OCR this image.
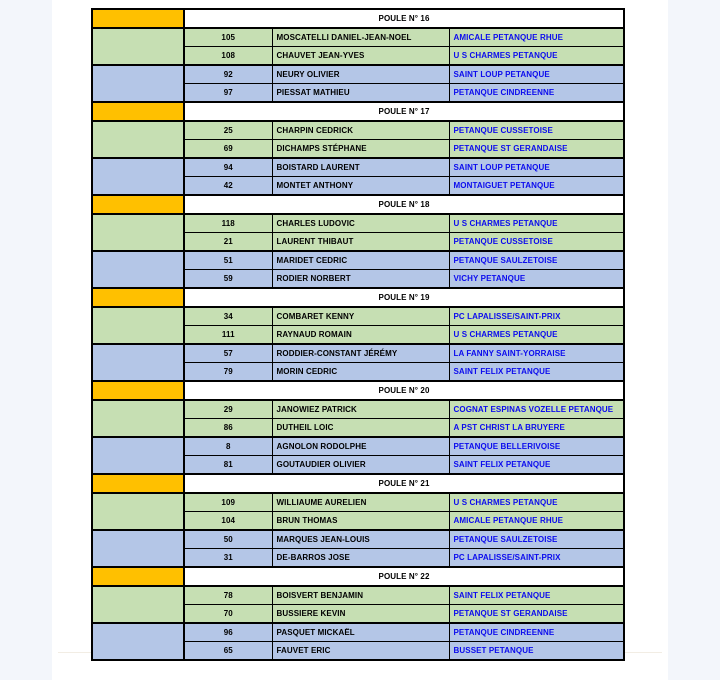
	POULE N° 16		
	105	MOSCATELLI DANIEL-JEAN-NOEL	AMICALE PETANQUE RHUE
	108	CHAUVET JEAN-YVES	U S CHARMES PETANQUE
	92	NEURY OLIVIER	SAINT LOUP PETANQUE
	97	PIESSAT MATHIEU	PETANQUE CINDREENNE
	POULE N° 17		
	25	CHARPIN CEDRICK	PETANQUE CUSSETOISE
	69	DICHAMPS STÉPHANE	PETANQUE ST GERANDAISE
	94	BOISTARD LAURENT	SAINT LOUP PETANQUE
	42	MONTET ANTHONY	MONTAIGUET PETANQUE
	POULE N° 18		
	118	CHARLES LUDOVIC	U S CHARMES PETANQUE
	21	LAURENT THIBAUT	PETANQUE CUSSETOISE
	51	MARIDET CEDRIC	PETANQUE SAULZETOISE
	59	RODIER NORBERT	VICHY PETANQUE
	POULE N° 19		
	34	COMBARET KENNY	PC LAPALISSE/SAINT-PRIX
	111	RAYNAUD ROMAIN	U S CHARMES PETANQUE
	57	RODDIER-CONSTANT JÉRÉMY	LA FANNY SAINT-YORRAISE
	79	MORIN CEDRIC	SAINT FELIX PETANQUE
	POULE N° 20		
	29	JANOWIEZ PATRICK	COGNAT ESPINAS VOZELLE PETANQUE
	86	DUTHEIL LOIC	A PST CHRIST LA BRUYERE
	8	AGNOLON RODOLPHE	PETANQUE BELLERIVOISE
	81	GOUTAUDIER OLIVIER	SAINT FELIX PETANQUE
	POULE N° 21		
	109	WILLIAUME AURELIEN	U S CHARMES PETANQUE
	104	BRUN THOMAS	AMICALE PETANQUE RHUE
	50	MARQUES JEAN-LOUIS	PETANQUE SAULZETOISE
	31	DE-BARROS JOSE	PC LAPALISSE/SAINT-PRIX
	POULE N° 22		
	78	BOISVERT BENJAMIN	SAINT FELIX PETANQUE
	70	BUSSIERE KEVIN	PETANQUE ST GERANDAISE
	96	PASQUET MICKAËL	PETANQUE CINDREENNE
	65	FAUVET ERIC	BUSSET PETANQUE
